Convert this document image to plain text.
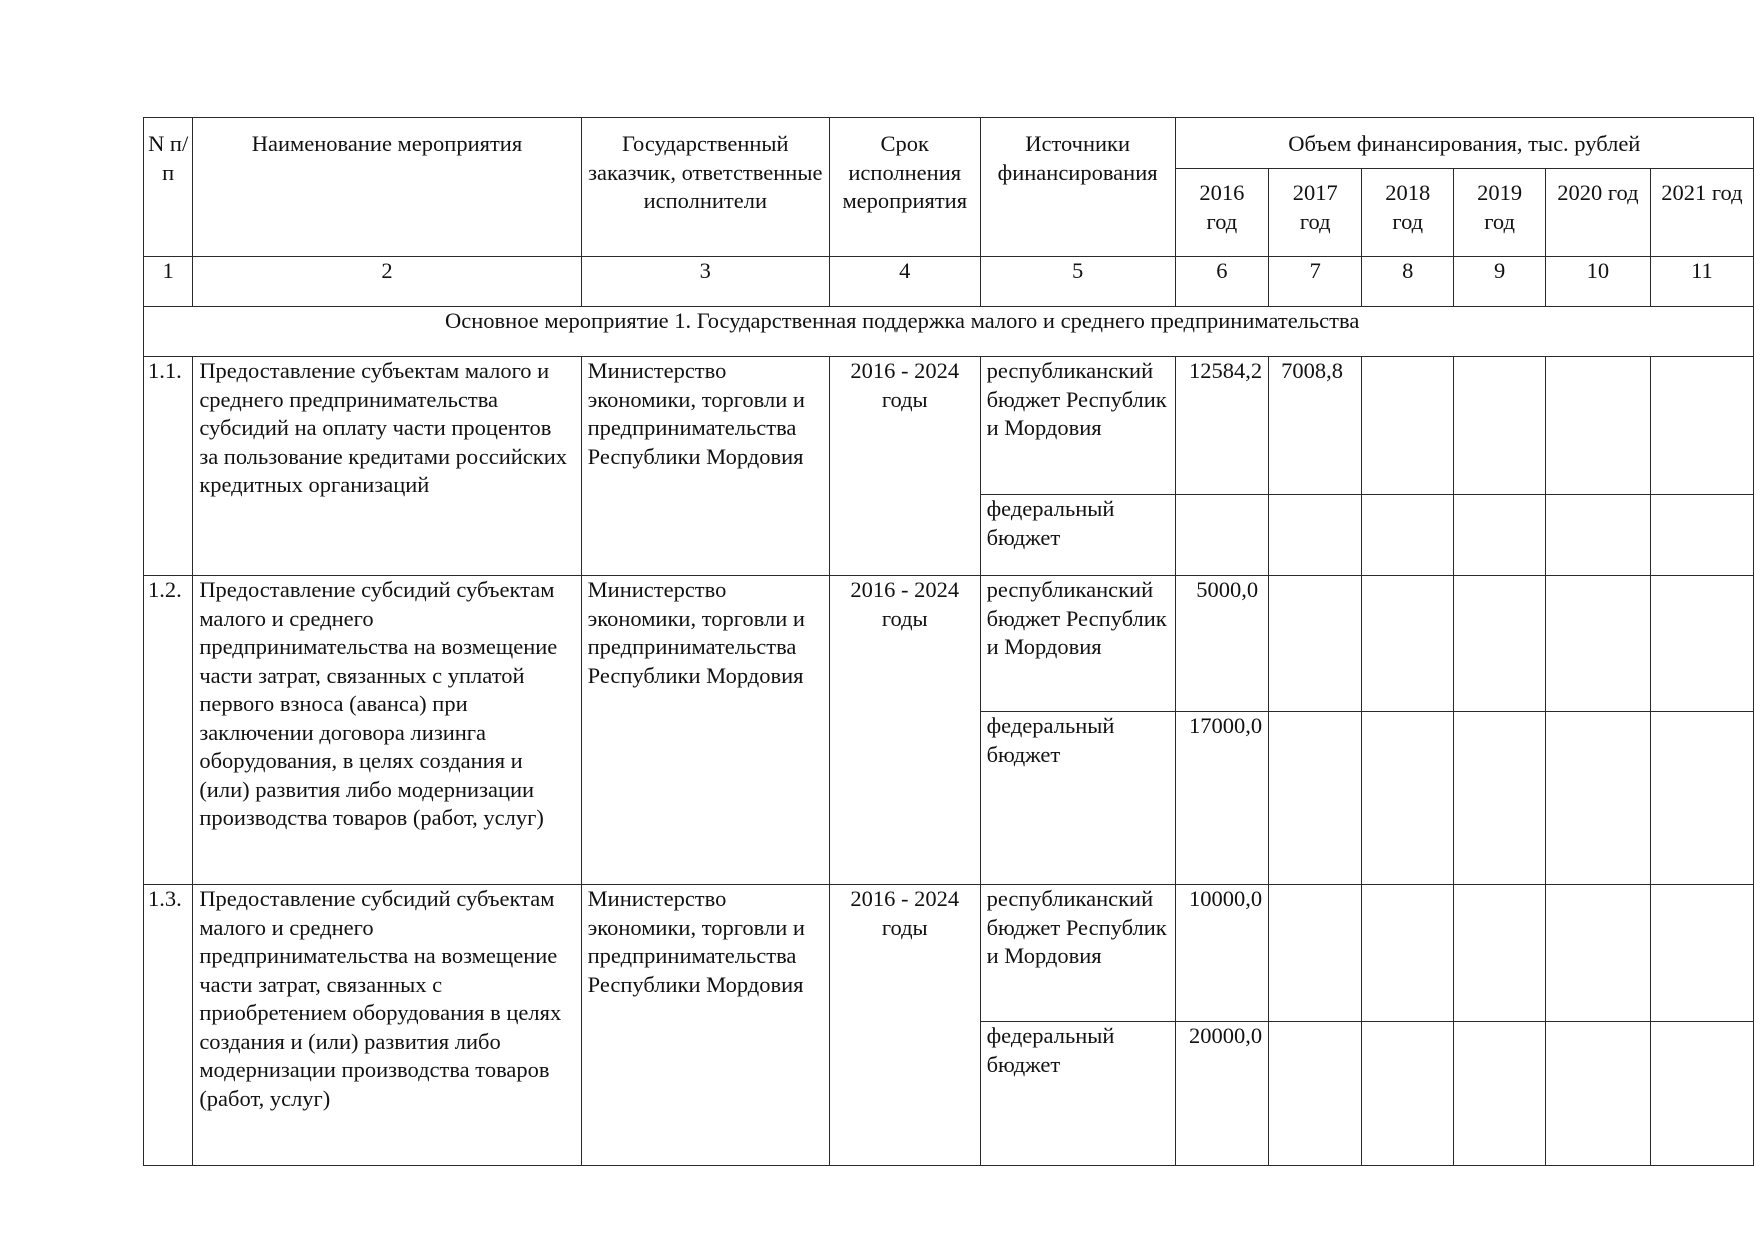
N п/п	Наименование мероприятия	Государственный заказчик, ответственные исполнители	Срок исполнения мероприятия	Источники финансирования	Объем финансирования, тыс. рублей					
					2016 год	2017 год	2018 год	2019 год	2020 год	2021 год
1	2	3	4	5	6	7	8	9	10	11
Основное мероприятие 1. Государственная поддержка малого и среднего предпринимательства										
1.1.	Предоставление субъектам малого и среднего предпринимательства субсидий на оплату части процентов за пользование кредитами российских кредитных организаций	Министерство экономики, торговли и предпринимательства Республики Мордовия	2016 - 2024 годы	республиканский бюджет Республики Мордовия	12584,2	7008,8				
				федеральный бюджет						
1.2.	Предоставление субсидий субъектам малого и среднего предпринимательства на возмещение части затрат, связанных с уплатой первого взноса (аванса) при заключении договора лизинга оборудования, в целях создания и (или) развития либо модернизации производства товаров (работ, услуг)	Министерство экономики, торговли и предпринимательства Республики Мордовия	2016 - 2024 годы	республиканский бюджет Республики Мордовия	5000,0					
				федеральный бюджет	17000,0					
1.3.	Предоставление субсидий субъектам малого и среднего предпринимательства на возмещение части затрат, связанных с приобретением оборудования в целях создания и (или) развития либо модернизации производства товаров (работ, услуг)	Министерство экономики, торговли и предпринимательства Республики Мордовия	2016 - 2024 годы	республиканский бюджет Республики Мордовия	10000,0					
				федеральный бюджет	20000,0					
